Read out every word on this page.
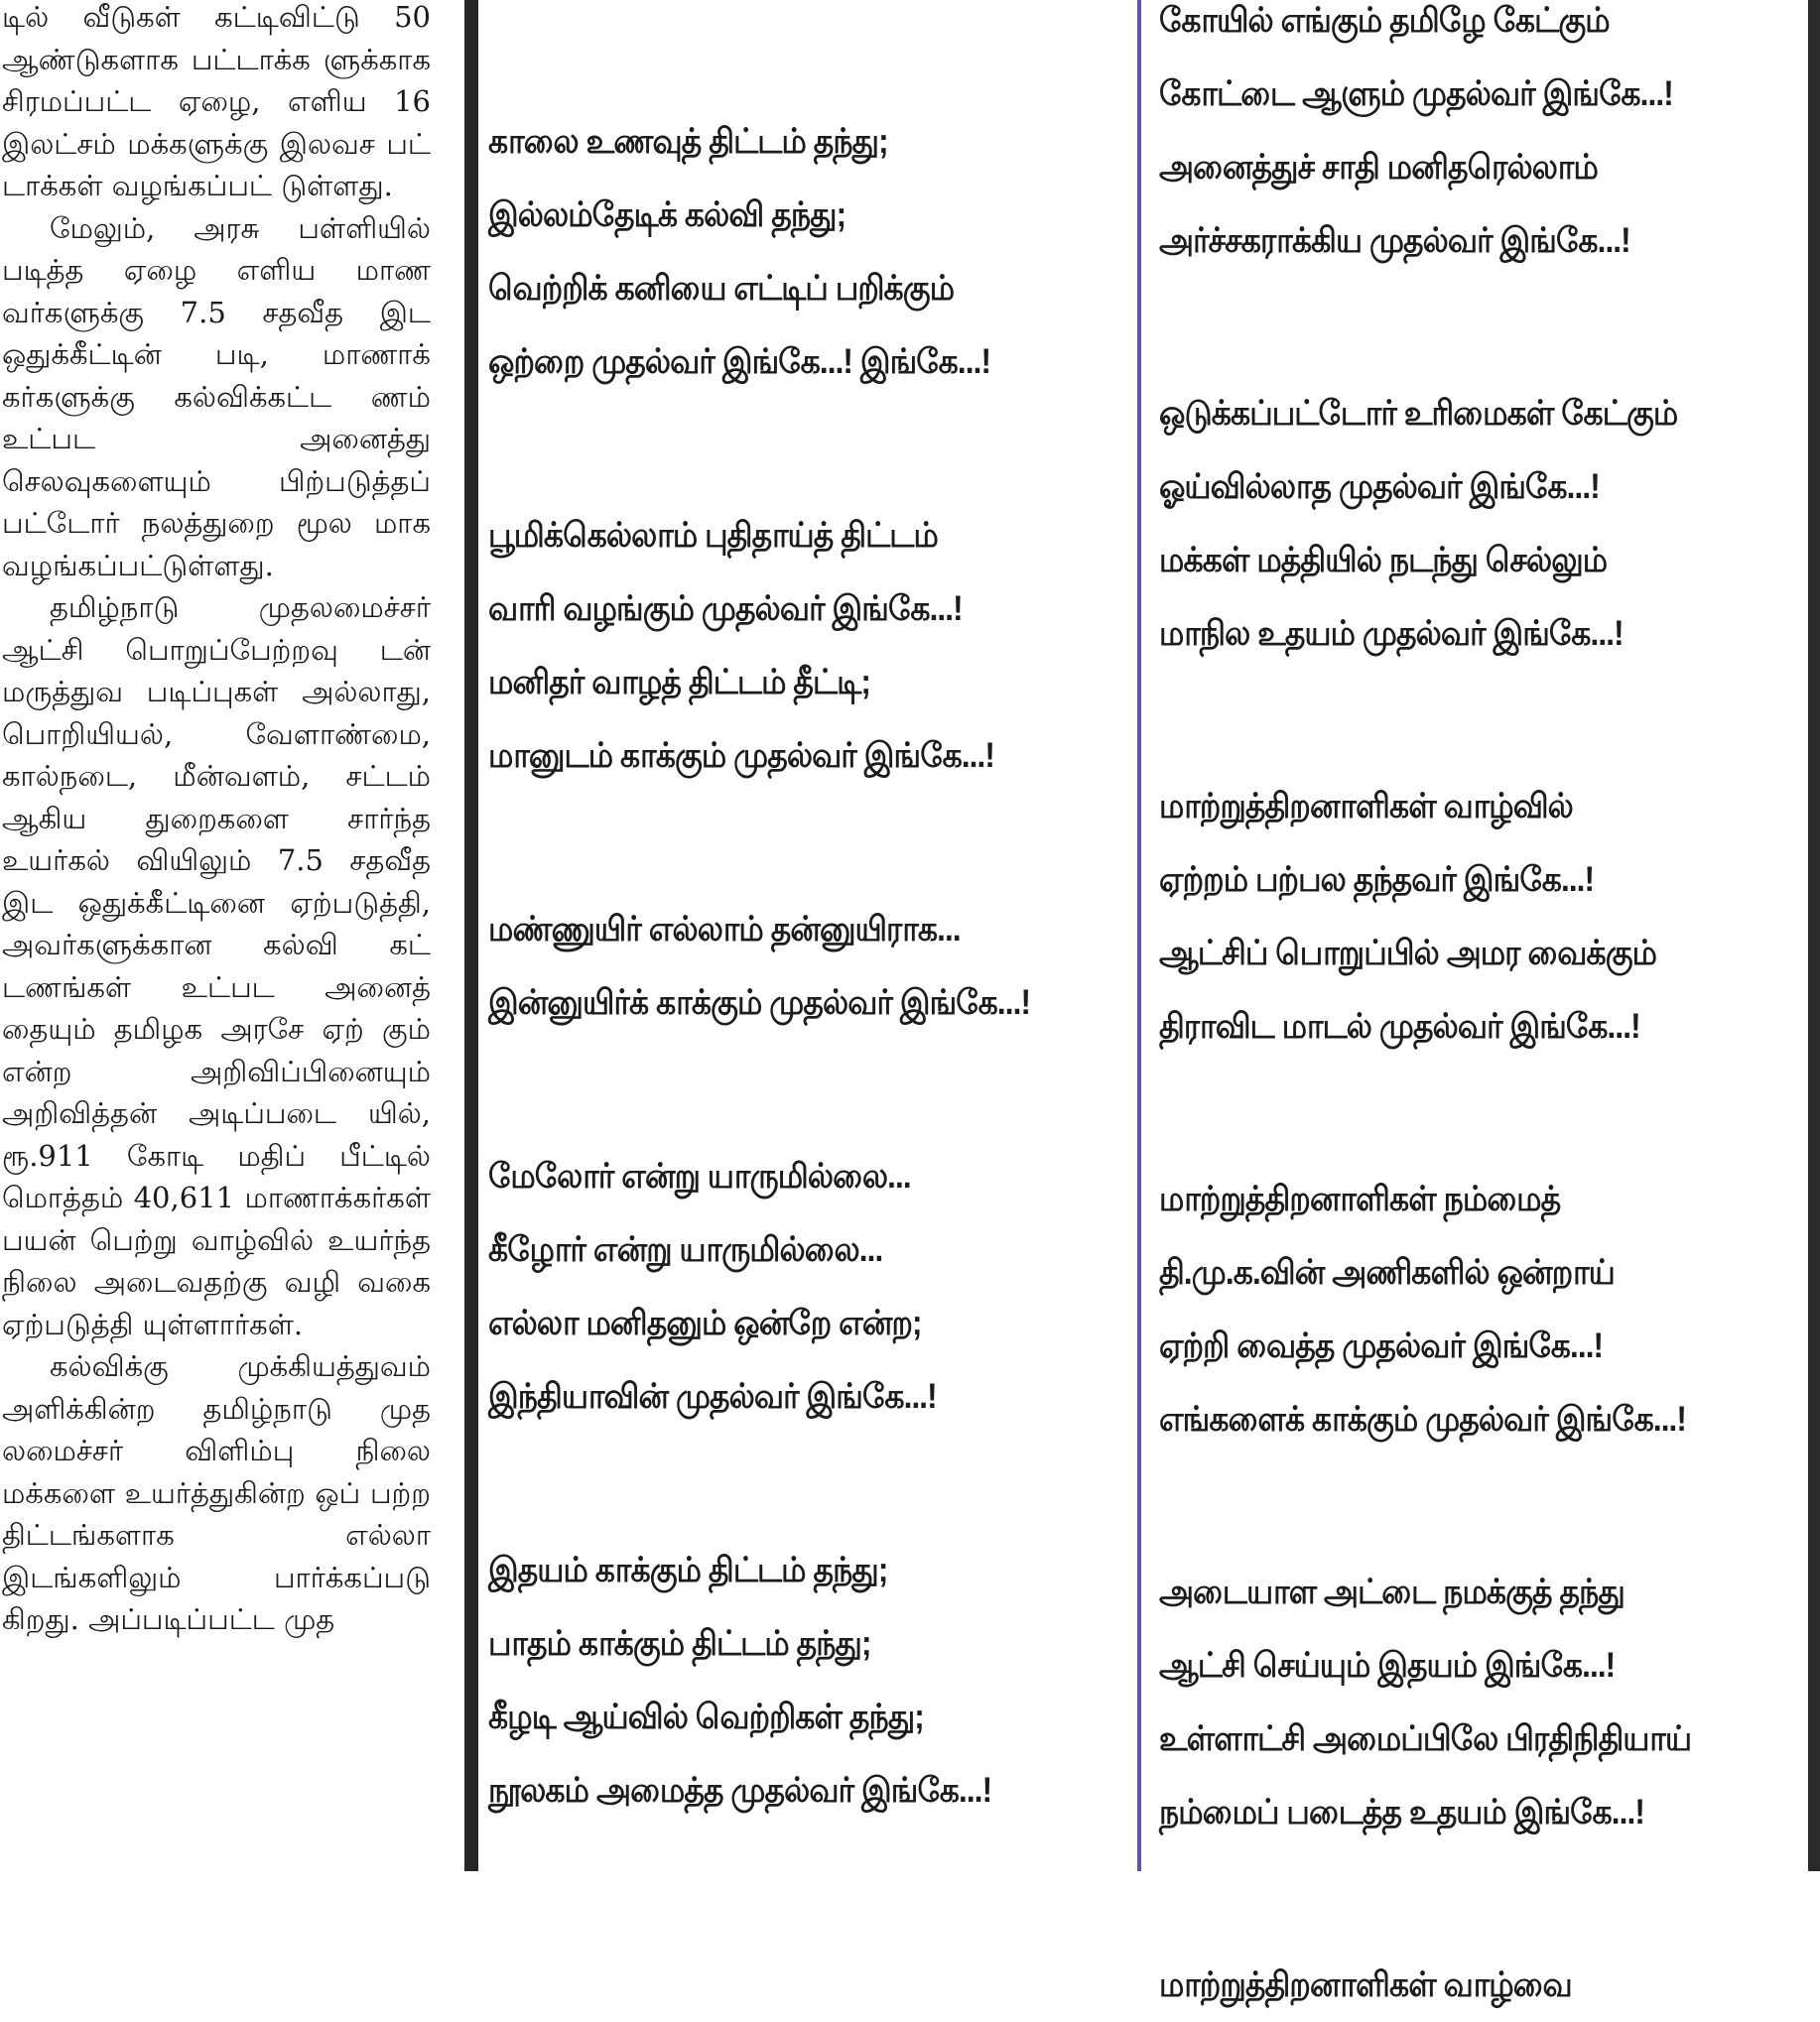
டில் வீடுகள் கட்டிவிட்டு 50 ஆண்டுகளாக பட்டாக்க ளுக்காக சிரமப்பட்ட ஏழை, எளிய 16 இலட்சம் மக்களுக்கு இலவச பட் டாக்கள் வழங்கப்பட் டுள்ளது.

மேலும், அரசு பள்ளியில் படித்த ஏழை எளிய மாண வர்களுக்கு 7.5 சதவீத இட ஒதுக்கீட்டின் படி, மாணாக் கர்களுக்கு கல்விக்கட்ட ணம் உட்பட அனைத்து செலவுகளையும் பிற்படுத்தப் பட்டோர் நலத்துறை மூல மாக வழங்கப்பட்டுள்ளது.

தமிழ்நாடு முதலமைச்சர் ஆட்சி பொறுப்பேற்றவு டன் மருத்துவ படிப்புகள் அல்லாது, பொறியியல், வேளாண்மை, கால்நடை, மீன்வளம், சட்டம் ஆகிய துறைகளை சார்ந்த உயர்கல் வியிலும் 7.5 சதவீத இட ஒதுக்கீட்டினை ஏற்படுத்தி, அவர்களுக்கான கல்வி கட் டணங்கள் உட்பட அனைத் தையும் தமிழக அரசே ஏற் கும் என்ற அறிவிப்பினையும் அறிவித்தன் அடிப்படை யில், ரூ.911 கோடி மதிப் பீட்டில் மொத்தம் 40,611 மாணாக்கர்கள் பயன் பெற்று வாழ்வில் உயர்ந்த நிலை அடைவதற்கு வழி வகை ஏற்படுத்தி யுள்ளார்கள்.

கல்விக்கு முக்கியத்துவம் அளிக்கின்ற தமிழ்நாடு முத லமைச்சர் விளிம்பு நிலை மக்களை உயர்த்துகின்ற ஒப் பற்ற திட்டங்களாக எல்லா இடங்களிலும் பார்க்கப்படு கிறது. அப்படிப்பட்ட முத

காலை உணவுத் திட்டம் தந்து;
இல்லம்தேடிக் கல்வி தந்து;
வெற்றிக் கனியை எட்டிப் பறிக்கும்
ஒற்றை முதல்வர் இங்கே...! இங்கே...!
பூமிக்கெல்லாம் புதிதாய்த் திட்டம்
வாரி வழங்கும் முதல்வர் இங்கே...!
மனிதர் வாழத் திட்டம் தீட்டி;
மானுடம் காக்கும் முதல்வர் இங்கே...!
மண்ணுயிர் எல்லாம் தன்னுயிராக...
இன்னுயிர்க் காக்கும் முதல்வர் இங்கே...!
மேலோர் என்று யாருமில்லை...
கீழோர் என்று யாருமில்லை...
எல்லா மனிதனும் ஒன்றே என்ற;
இந்தியாவின் முதல்வர் இங்கே...!
இதயம் காக்கும் திட்டம் தந்து;
பாதம் காக்கும் திட்டம் தந்து;
கீழடி ஆய்வில் வெற்றிகள் தந்து;
நூலகம் அமைத்த முதல்வர் இங்கே...!
கோயில் எங்கும் தமிழே கேட்கும்
கோட்டை ஆளும் முதல்வர் இங்கே...!
அனைத்துச் சாதி மனிதரெல்லாம்
அர்ச்சகராக்கிய முதல்வர் இங்கே...!
ஒடுக்கப்பட்டோர் உரிமைகள் கேட்கும்
ஓய்வில்லாத முதல்வர் இங்கே...!
மக்கள் மத்தியில் நடந்து செல்லும்
மாநில உதயம் முதல்வர் இங்கே...!
மாற்றுத்திறனாளிகள் வாழ்வில்
ஏற்றம் பற்பல தந்தவர் இங்கே...!
ஆட்சிப் பொறுப்பில் அமர வைக்கும்
திராவிட மாடல் முதல்வர் இங்கே...!
மாற்றுத்திறனாளிகள் நம்மைத்
தி.மு.க.வின் அணிகளில் ஒன்றாய்
ஏற்றி வைத்த முதல்வர் இங்கே...!
எங்களைக் காக்கும் முதல்வர் இங்கே...!
அடையாள அட்டை நமக்குத் தந்து
ஆட்சி செய்யும் இதயம் இங்கே...!
உள்ளாட்சி அமைப்பிலே பிரதிநிதியாய்
நம்மைப் படைத்த உதயம் இங்கே...!
மாற்றுத்திறனாளிகள் வாழ்வை
